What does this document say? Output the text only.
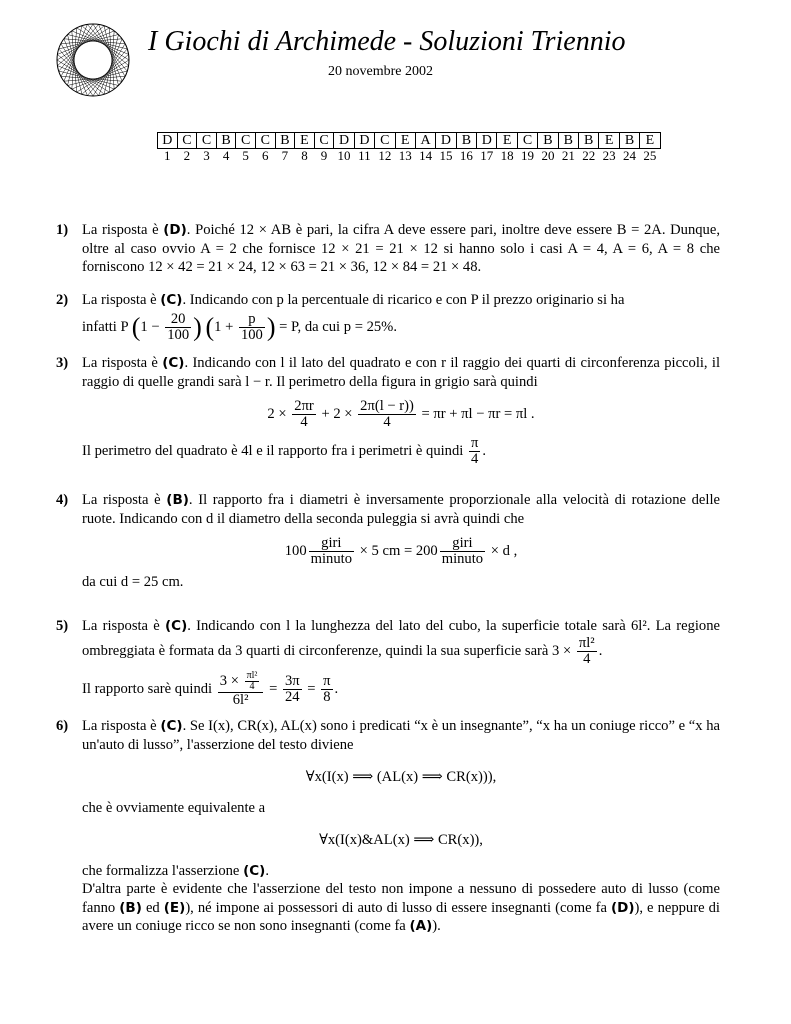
I Giochi di Archimede - Soluzioni Triennio
20 novembre 2002
D	C	C	B	C	C	B	E	C	D	D	C	E	A	D	B	D	E	C	B	B	B	E	B	E
1	2	3	4	5	6	7	8	9	10	11	12	13	14	15	16	17	18	19	20	21	22	23	24	25
1) La risposta è (D). Poiché 12 × AB è pari, la cifra A deve essere pari, inoltre deve essere B = 2A. Dunque, oltre al caso ovvio A = 2 che fornisce 12 × 21 = 21 × 12 si hanno solo i casi A = 4, A = 6, A = 8 che forniscono 12 × 42 = 21 × 24, 12 × 63 = 21 × 36, 12 × 84 = 21 × 48.

2) La risposta è (C). Indicando con p la percentuale di ricarico e con P il prezzo originario si ha

infatti P ($1 - \frac{20}{100}$ ) ($1 + \frac{p}{100}$ ) = P, da cui p = 25%.

3) La risposta è (C). Indicando con l il lato del quadrato e con r il raggio dei quarti di circonferenza piccoli, il raggio di quelle grandi sarà l − r. Il perimetro della figura in grigio sarà quindi

$2 \times \frac{2\pi r}{4} + 2 \times \frac{2\pi(l - r))}{4} = \pi r + \pi l - \pi r = \pi l$ .

Il perimetro del quadrato è 4l e il rapporto fra i perimetri è quindi $\frac{\pi}{4}$ .

4) La risposta è (B). Il rapporto fra i diametri è inversamente proporzionale alla velocità di rotazione delle ruote. Indicando con d il diametro della seconda puleggia si avrà quindi che

$100 \frac{\text{giri}}{\text{minuto}} \times 5$ cm = $200 \frac{\text{giri}}{\text{minuto}} \times d$ ,

da cui d = 25 cm.

5) La risposta è (C). Indicando con l la lunghezza del lato del cubo, la superficie totale sarà 6l². La regione ombreggiata è formata da 3 quarti di circonferenze, quindi la sua superficie sarà $3 \times \frac{\text{πl²}}{4}$ .

Il rapporto sarè quindi $\frac{3 \times \frac{\text{πl²}}{4}}{\text{6l²}} = \frac{3\pi}{24} = \frac{\pi}{8}$ .

6) La risposta è (C). Se I(x), CR(x), AL(x) sono i predicati “x è un insegnante”, “x ha un coniuge ricco” e “x ha un'auto di lusso”, l'asserzione del testo diviene

∀x(I(x) ⟹ (AL(x) ⟹ CR(x))),

che è ovviamente equivalente a

∀x(I(x)&AL(x) ⟹ CR(x)),

che formalizza l'asserzione (C).

D'altra parte è evidente che l'asserzione del testo non impone a nessuno di possedere auto di lusso (come fanno (B) ed (E)), né impone ai possessori di auto di lusso di essere insegnanti (come fa (D)), e neppure di avere un coniuge ricco se non sono insegnanti (come fa (A)).
